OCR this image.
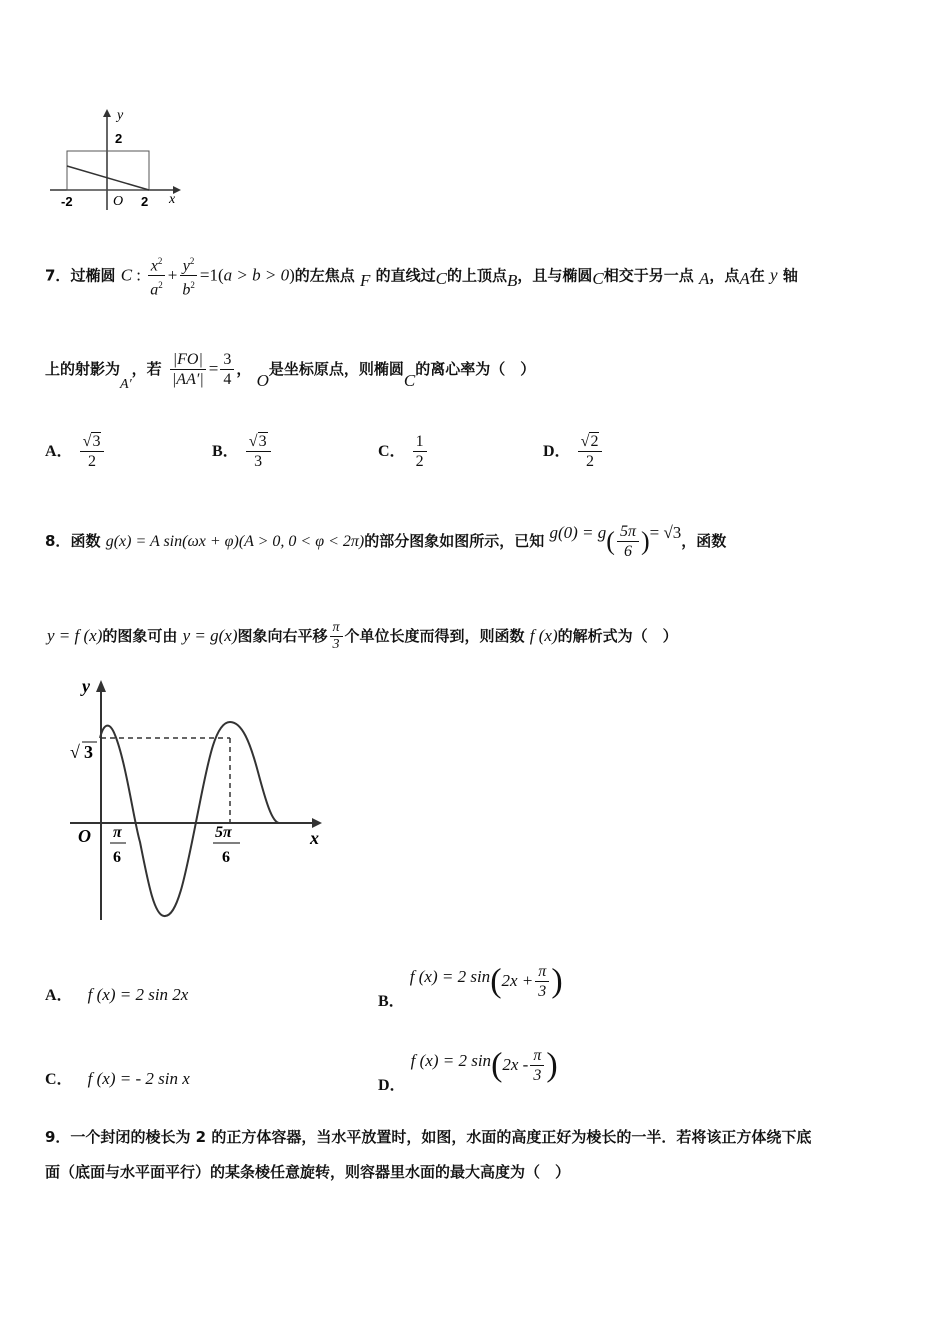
y
2
-2	O 2 x
7．过椭圆 C : $\frac{x^2}{a^2} + \frac{y^2}{b^2} =1(a > b > 0)$的左焦点 F 的直线过C的上顶点B，且与椭圆C相交于另一点 A，点A在 y 轴
上的射影为A′，若 $\frac{|FO|}{|AA'|} = \frac{3}{4}$ ， O是坐标原点，则椭圆C的离心率为（　）
A． $\frac{√3}{2}$	B． $\frac{√3}{3}$	C． $\frac{1}{2}$	D． $\frac{√2}{2}$
8．函数 g(x) = A sin(ωx + φ)(A > 0, 0 < φ < 2π)的部分图象如图所示，已知 $g(0) = g( \frac{5\pi}{6}$ )= √3，函数
y = f (x)的图象可由 y = g(x)图象向右平移 $\frac{\pi}{3}$ 个单位长度而得到，则函数 f (x)的解析式为（　）
y
√ 3
O π
6
5π
6
x
A． f (x) = 2 sin 2x	B． f (x) = 2 $\sin(2x + \frac{\pi}{3}$ )
C． f (x) = - 2 sin x	D． f (x) = 2 $\sin(2x - \frac{\pi}{3}$ )
9．一个封闭的棱长为 2 的正方体容器，当水平放置时，如图，水面的高度正好为棱长的一半．若将该正方体绕下底
面（底面与水平面平行）的某条棱任意旋转，则容器里水面的最大高度为（　）
